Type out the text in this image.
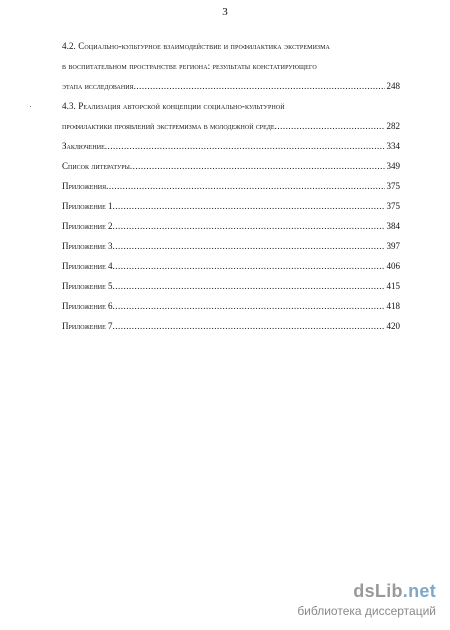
3
4.2. Социально-культурное взаимодействие и профилактика экстремизма
в воспитательном пространстве региона: результаты констатирующего
этапа исследования .....	248
4.3. Реализация авторской концепции социально-культурной
профилактики проявлений экстремизма в молодежной среде .....	282
Заключение .....	334
Список литературы .....	349
Приложения .....	375
Приложение 1 .....	375
Приложение 2 .....	384
Приложение 3 .....	397
Приложение 4 .....	406
Приложение 5 .....	415
Приложение 6 .....	418
Приложение 7 .....	420
dsLib.net
библиотека диссертаций
